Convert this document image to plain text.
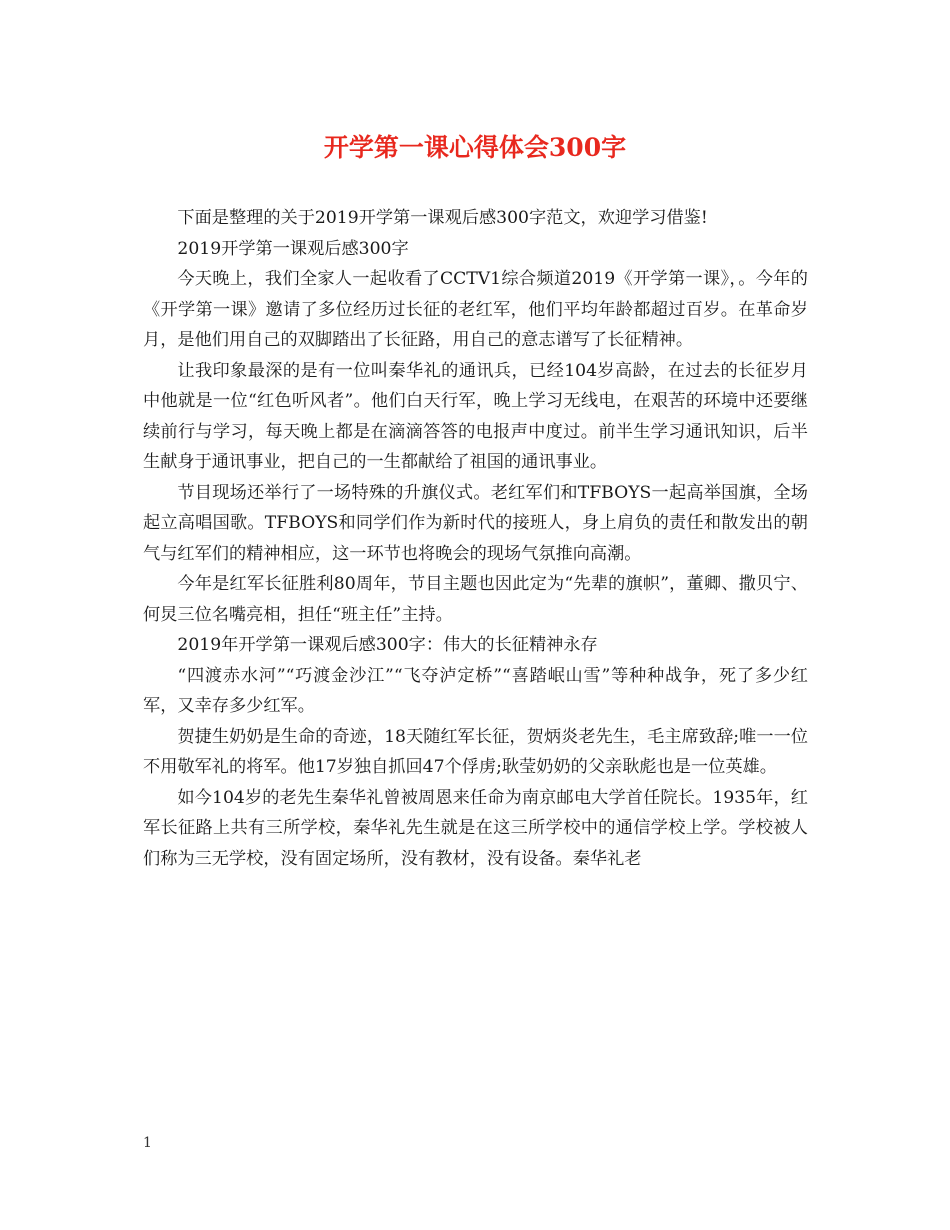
开学第一课心得体会300字

下面是整理的关于2019开学第一课观后感300字范文，欢迎学习借鉴!

2019开学第一课观后感300字

今天晚上，我们全家人一起收看了CCTV1综合频道2019《开学第一课》，。今年的《开学第一课》邀请了多位经历过长征的老红军，他们平均年龄都超过百岁。在革命岁月，是他们用自己的双脚踏出了长征路，用自己的意志谱写了长征精神。

让我印象最深的是有一位叫秦华礼的通讯兵，已经104岁高龄，在过去的长征岁月中他就是一位“红色听风者”。他们白天行军，晚上学习无线电，在艰苦的环境中还要继续前行与学习，每天晚上都是在滴滴答答的电报声中度过。前半生学习通讯知识，后半生献身于通讯事业，把自己的一生都献给了祖国的通讯事业。

节目现场还举行了一场特殊的升旗仪式。老红军们和TFBOYS一起高举国旗，全场起立高唱国歌。TFBOYS和同学们作为新时代的接班人，身上肩负的责任和散发出的朝气与红军们的精神相应，这一环节也将晚会的现场气氛推向高潮。

今年是红军长征胜利80周年，节目主题也因此定为“先辈的旗帜”，董卿、撒贝宁、何炅三位名嘴亮相，担任“班主任”主持。

2019年开学第一课观后感300字：伟大的长征精神永存

“四渡赤水河”“巧渡金沙江”“飞夺泸定桥”“喜踏岷山雪”等种种战争，死了多少红军，又幸存多少红军。

贺捷生奶奶是生命的奇迹，18天随红军长征，贺炳炎老先生，毛主席致辞;唯一一位不用敬军礼的将军。他17岁独自抓回47个俘虏;耿莹奶奶的父亲耿彪也是一位英雄。

如今104岁的老先生秦华礼曾被周恩来任命为南京邮电大学首任院长。1935年，红军长征路上共有三所学校，秦华礼先生就是在这三所学校中的通信学校上学。学校被人们称为三无学校，没有固定场所，没有教材，没有设备。秦华礼老

1
